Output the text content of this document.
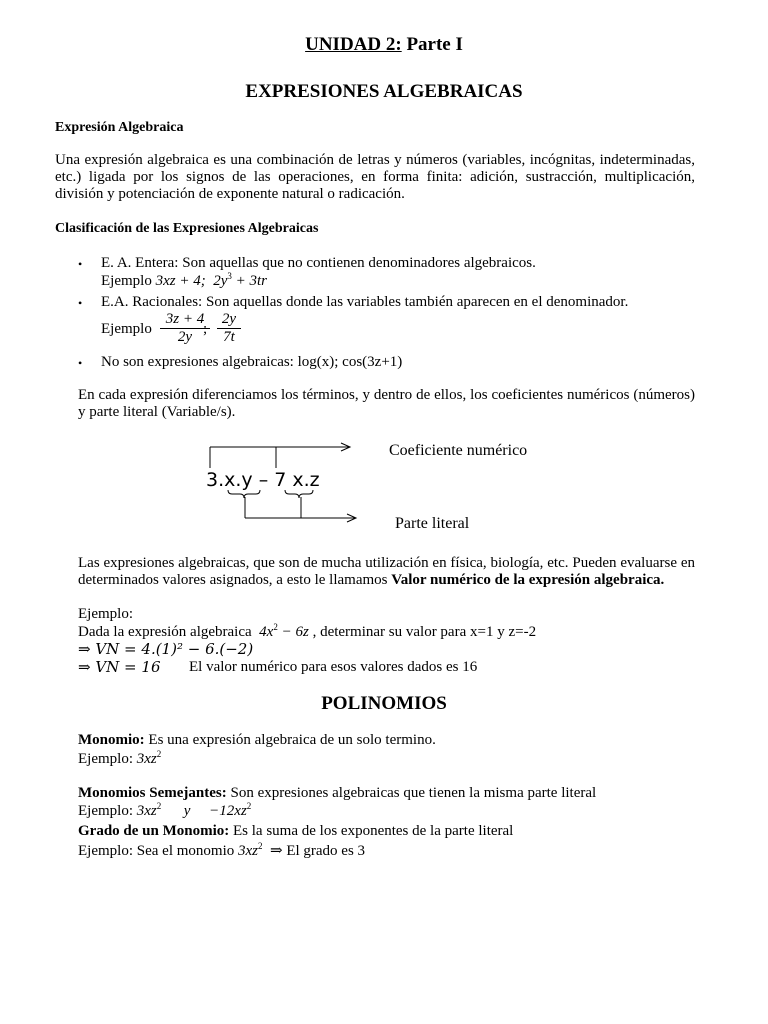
UNIDAD 2: Parte I
EXPRESIONES ALGEBRAICAS
Expresión Algebraica
Una expresión algebraica es una combinación de letras y números (variables, incógnitas, indeterminadas, etc.) ligada por los signos de las operaciones, en forma finita: adición, sustracción, multiplicación, división y potenciación de exponente natural o radicación.
Clasificación de las Expresiones Algebraicas
• E. A. Entera: Son aquellas que no contienen denominadores algebraicos.
Ejemplo 3xz + 4; $2y^3 + 3tr$
• E.A. Racionales: Son aquellas donde las variables también aparecen en el denominador.
Ejemplo $\frac{3z + 4}{2y}$
; $\frac{2y}{7t}$
• No son expresiones algebraicas: log(x); cos(3z+1)
En cada expresión diferenciamos los términos, y dentro de ellos, los coeficientes numéricos (números) y parte literal (Variable/s).
3.x.y – 7 x.z
Coeficiente numérico
Parte literal
Las expresiones algebraicas, que son de mucha utilización en física, biología, etc. Pueden evaluarse en determinados valores asignados, a esto le llamamos Valor numérico de la expresión algebraica.
Ejemplo:
Dada la expresión algebraica $4x^2 - 6z$ , determinar su valor para x=1 y z=-2
⇒ VN = 4.(1)² − 6.(−2)
⇒ VN = 16 El valor numérico para esos valores dados es 16
POLINOMIOS
Monomio: Es una expresión algebraica de un solo termino.
Ejemplo: $3xz^2$
Monomios Semejantes: Son expresiones algebraicas que tienen la misma parte literal
Ejemplo: $3xz^2$ $y -12xz^2$
Grado de un Monomio: Es la suma de los exponentes de la parte literal
Ejemplo: Sea el monomio $3xz^2$ ⇒ El grado es 3
